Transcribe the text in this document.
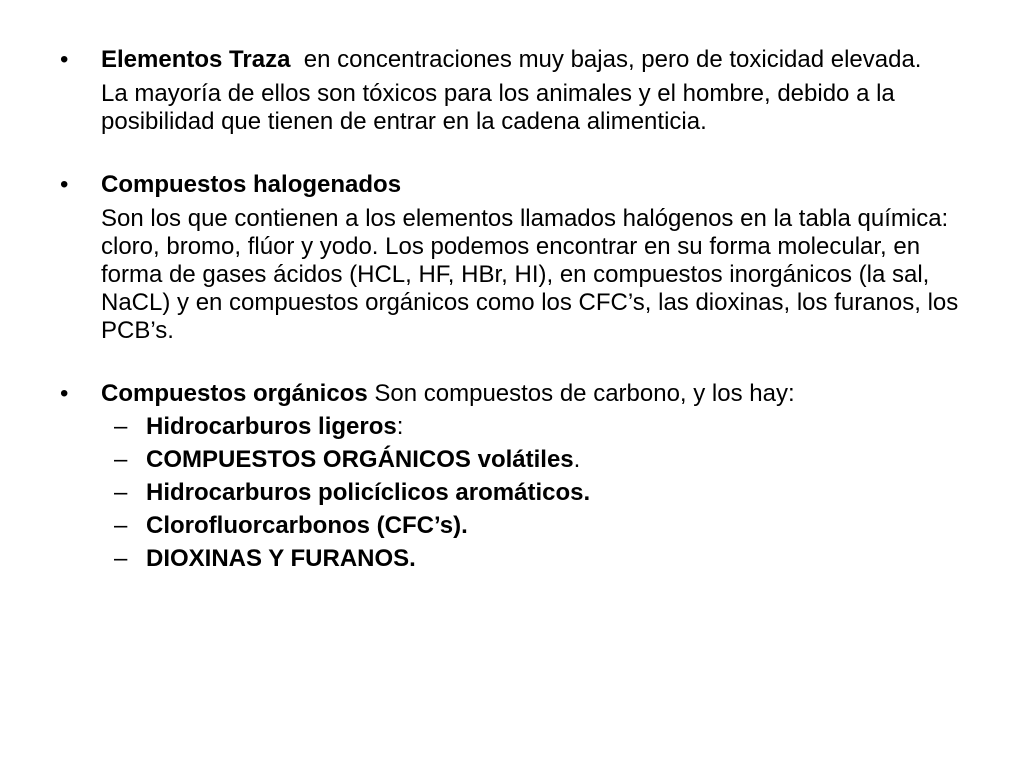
•	Elementos Traza  en concentraciones muy bajas, pero de toxicidad elevada.
La mayoría de ellos son tóxicos para los animales y el hombre, debido a la posibilidad que tienen de entrar en la cadena alimenticia.
•	Compuestos halogenados
Son los que contienen a los elementos llamados halógenos en la tabla química: cloro, bromo, flúor y yodo. Los podemos encontrar en su forma molecular, en forma de gases ácidos (HCL, HF, HBr, HI), en compuestos inorgánicos (la sal, NaCL) y en compuestos orgánicos como los CFC’s, las dioxinas, los furanos, los PCB’s.
•	Compuestos orgánicos Son compuestos de carbono, y los hay:
– Hidrocarburos ligeros:
– COMPUESTOS ORGÁNICOS volátiles.
– Hidrocarburos policíclicos aromáticos.
– Clorofluorcarbonos (CFC’s).
– DIOXINAS Y FURANOS.
